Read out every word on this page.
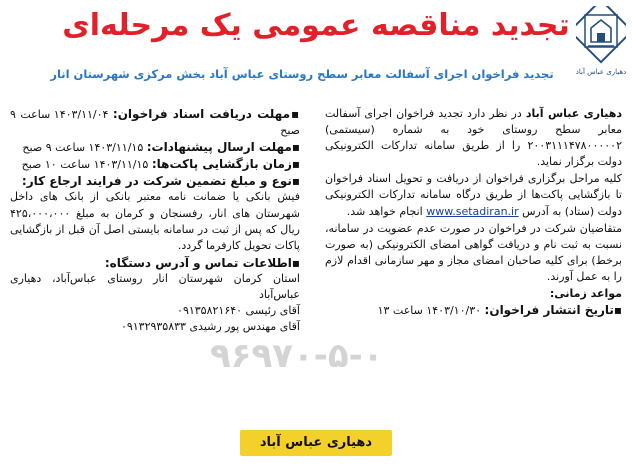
دهیاری عباس آباد
تجدید مناقصه عمومی یک مرحله‌ای
تجدید فراخوان اجرای آسفالت معابر سطح روستای عباس آباد بخش مرکزی شهرستان انار

دهیاری عباس آباد در نظر دارد تجدید فراخوان اجرای آسفالت معابر سطح روستای خود به شماره (سیستمی) ۲۰۰۳۱۱۱۴۷۸۰۰۰۰۰۲ را از طریق سامانه تدارکات الکترونیکی دولت برگزار نماید.

کلیه مراحل برگزاری فراخوان از دریافت و تحویل اسناد فراخوان تا بازگشایی پاکت‌ها از طریق درگاه سامانه تدارکات الکترونیکی دولت (ستاد) به آدرس www.setadiran.ir انجام خواهد شد.

متقاضیان شرکت در فراخوان در صورت عدم عضویت در سامانه، نسبت به ثبت نام و دریافت گواهی امضای الکترونیکی (به صورت برخط) برای کلیه صاحبان امضای مجاز و مهر سازمانی اقدام لازم را به عمل آورند.

مواعد زمانی:

▪تاریخ انتشار فراخوان: ۱۴۰۳/۱۰/۳۰ ساعت ۱۳

▪مهلت دریافت اسناد فراخوان: ۱۴۰۳/۱۱/۰۴ ساعت ۹ صبح

▪مهلت ارسال پیشنهادات: ۱۴۰۳/۱۱/۱۵ ساعت ۹ صبح

▪زمان بازگشایی پاکت‌ها: ۱۴۰۳/۱۱/۱۵ ساعت ۱۰ صبح

▪نوع و مبلغ تضمین شرکت در فرایند ارجاع کار:

فیش بانکی یا ضمانت نامه معتبر بانکی از بانک های داخل شهرستان های انار، رفسنجان و کرمان به مبلغ ۴۲۵،۰۰۰،۰۰۰ ریال که پس از ثبت در سامانه بایستی اصل آن قبل از بازگشایی پاکات تحویل کارفرما گردد.

▪اطلاعات تماس و آدرس دستگاه:

استان کرمان شهرستان انار روستای عباس‌آباد، دهیاری عباس‌آباد

آقای رئیسی ۰۹۱۳۵۸۲۱۶۴۰

آقای مهندس پور رشیدی ۰۹۱۳۲۹۳۵۸۳۳

۹۶۹۷۰-۵-۰
دهیاری عباس آباد
